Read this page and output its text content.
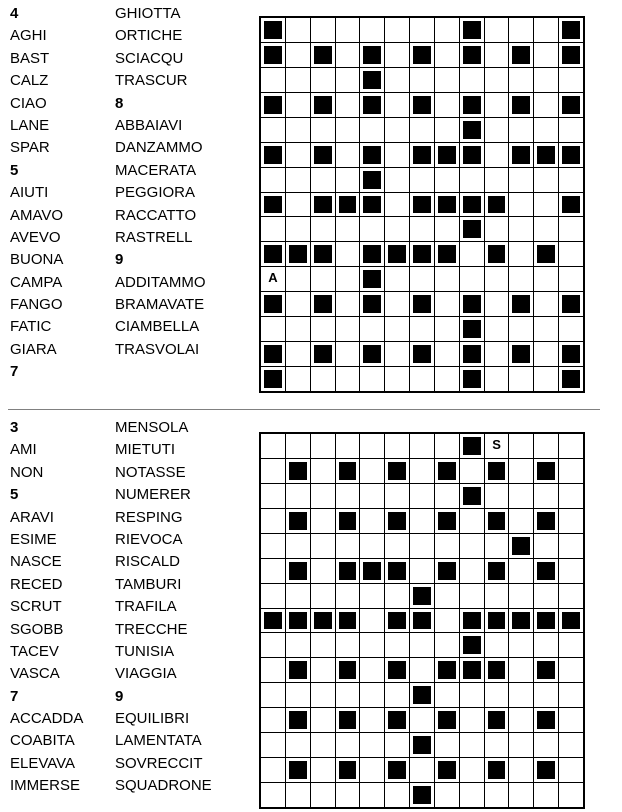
4
AGHI
BAST
CALZ
CIAO
LANE
SPAR
5
AIUTI
AMAVO
AVEVO
BUONA
CAMPA
FANGO
FATIC
GIARA
7
GHIOTTA
ORTICHE
SCIACQU
TRASCUR
8
ABBAIAVI
DANZAMMO
MACERATA
PEGGIORA
RACCATTO
RASTRELL
9
ADDITAMMO
BRAMAVATE
CIAMBELLA
TRASVOLAI
A
3
AMI
NON
5
ARAVI
ESIME
NASCE
RECED
SCRUT
SGOBB
TACEV
VASCA
7
ACCADDA
COABITA
ELEVAVA
IMMERSE
MENSOLA
MIETUTI
NOTASSE
NUMERER
RESPING
RIEVOCA
RISCALD
TAMBURI
TRAFILA
TRECCHE
TUNISIA
VIAGGIA
9
EQUILIBRI
LAMENTATA
SOVRECCIT
SQUADRONE
S
